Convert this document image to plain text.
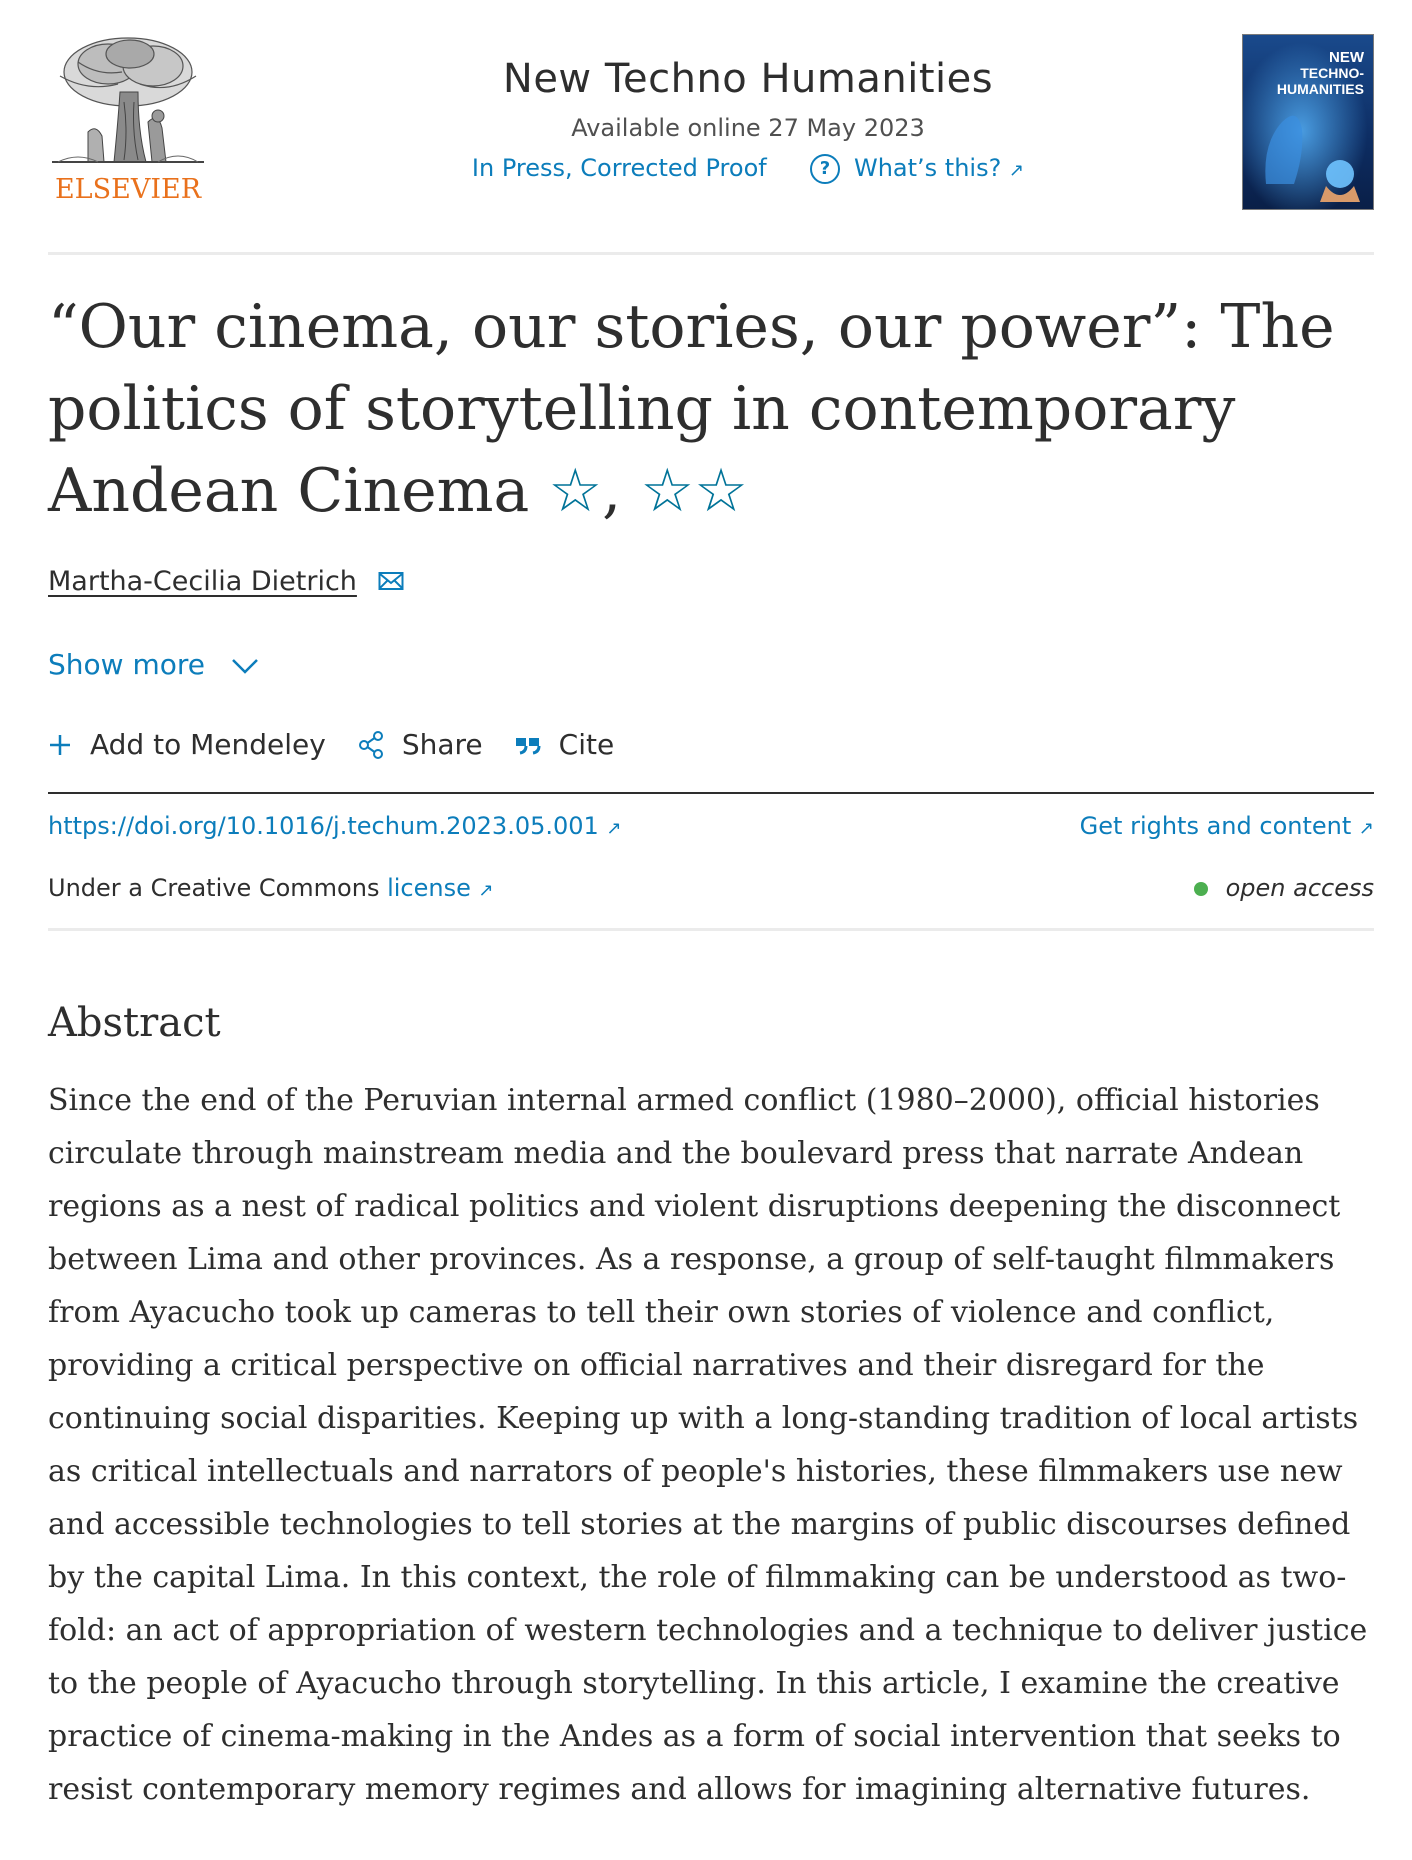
ELSEVIER
New Techno Humanities
Available online 27 May 2023
In Press, Corrected Proof	? What’s this? ↗
NEW
TECHNO-
HUMANITIES
“Our cinema, our stories, our power”: The politics of storytelling in contemporary Andean Cinema ☆, ☆☆
Martha-Cecilia Dietrich
Show more
Add to Mendeley	Share	Cite
https://doi.org/10.1016/j.techum.2023.05.001 ↗	Get rights and content ↗
Under a Creative Commons license ↗	open access
Abstract

Since the end of the Peruvian internal armed conflict (1980–2000), official histories circulate through mainstream media and the boulevard press that narrate Andean regions as a nest of radical politics and violent disruptions deepening the disconnect between Lima and other provinces. As a response, a group of self-taught filmmakers from Ayacucho took up cameras to tell their own stories of violence and conflict, providing a critical perspective on official narratives and their disregard for the continuing social disparities. Keeping up with a long-standing tradition of local artists as critical intellectuals and narrators of people's histories, these filmmakers use new and accessible technologies to tell stories at the margins of public discourses defined by the capital Lima. In this context, the role of filmmaking can be understood as two-fold: an act of appropriation of western technologies and a technique to deliver justice to the people of Ayacucho through storytelling. In this article, I examine the creative practice of cinema-making in the Andes as a form of social intervention that seeks to resist contemporary memory regimes and allows for imagining alternative futures.
